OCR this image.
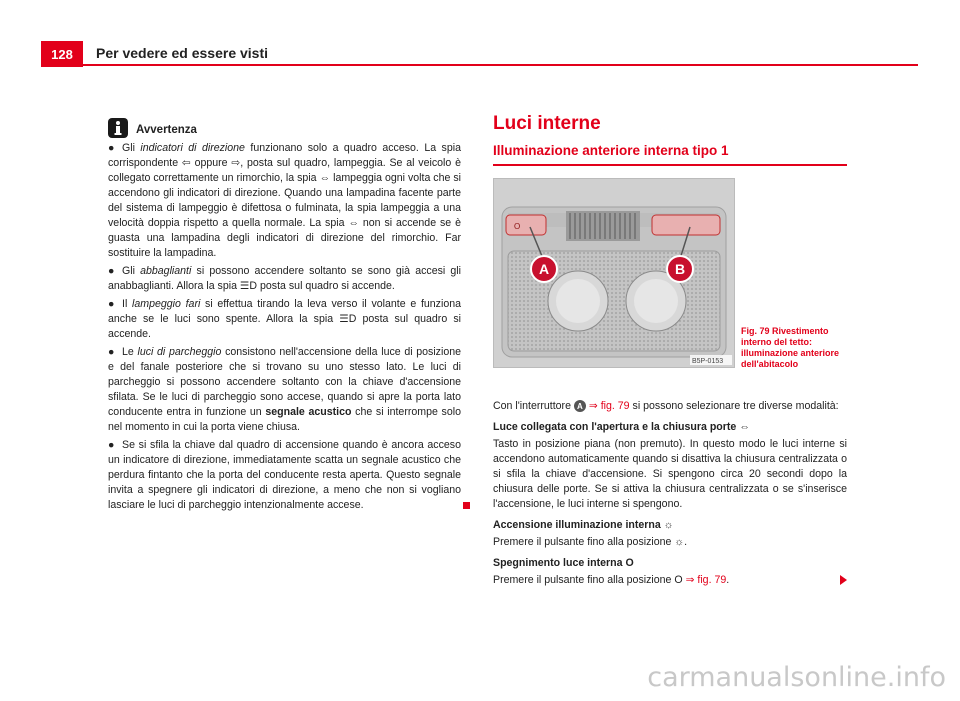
128	Per vedere ed essere visti
Avvertenza
● Gli indicatori di direzione funzionano solo a quadro acceso. La spia corrispondente ⇦ oppure ⇨, posta sul quadro, lampeggia. Se al veicolo è collegato correttamente un rimorchio, la spia ⇔ lampeggia ogni volta che si accendono gli indicatori di direzione. Quando una lampadina facente parte del sistema di lampeggio è difettosa o fulminata, la spia lampeggia a una velocità doppia rispetto a quella normale. La spia ⇔ non si accende se è guasta una lampadina degli indicatori di direzione del rimorchio. Far sostituire la lampadina.
● Gli abbaglianti si possono accendere soltanto se sono già accesi gli anabbaglianti. Allora la spia ☰D posta sul quadro si accende.
● Il lampeggio fari si effettua tirando la leva verso il volante e funziona anche se le luci sono spente. Allora la spia ☰D posta sul quadro si accende.
● Le luci di parcheggio consistono nell'accensione della luce di posizione e del fanale posteriore che si trovano su uno stesso lato. Le luci di parcheggio si possono accendere soltanto con la chiave d'accensione sfilata. Se le luci di parcheggio sono accese, quando si apre la porta lato conducente entra in funzione un segnale acustico che si interrompe solo nel momento in cui la porta viene chiusa.
● Se si sfila la chiave dal quadro di accensione quando è ancora acceso un indicatore di direzione, immediatamente scatta un segnale acustico che perdura fintanto che la porta del conducente resta aperta. Questo segnale invita a spegnere gli indicatori di direzione, a meno che non si vogliano lasciare le luci di parcheggio intenzionalmente accese.
Luci interne
Illuminazione anteriore interna tipo 1
A	B
O
B5P-0153
Fig. 79 Rivestimento interno del tetto: illuminazione anteriore dell'abitacolo
Con l'interruttore A ⇒ fig. 79 si possono selezionare tre diverse modalità:
Luce collegata con l'apertura e la chiusura porte ⇔
Tasto in posizione piana (non premuto). In questo modo le luci interne si accendono automaticamente quando si disattiva la chiusura centralizzata o si sfila la chiave d'accensione. Si spengono circa 20 secondi dopo la chiusura delle porte. Se si attiva la chiusura centralizzata o se s'inserisce l'accensione, le luci interne si spengono.
Accensione illuminazione interna ☼
Premere il pulsante fino alla posizione ☼.
Spegnimento luce interna O
Premere il pulsante fino alla posizione O ⇒ fig. 79.
carmanualsonline.info
